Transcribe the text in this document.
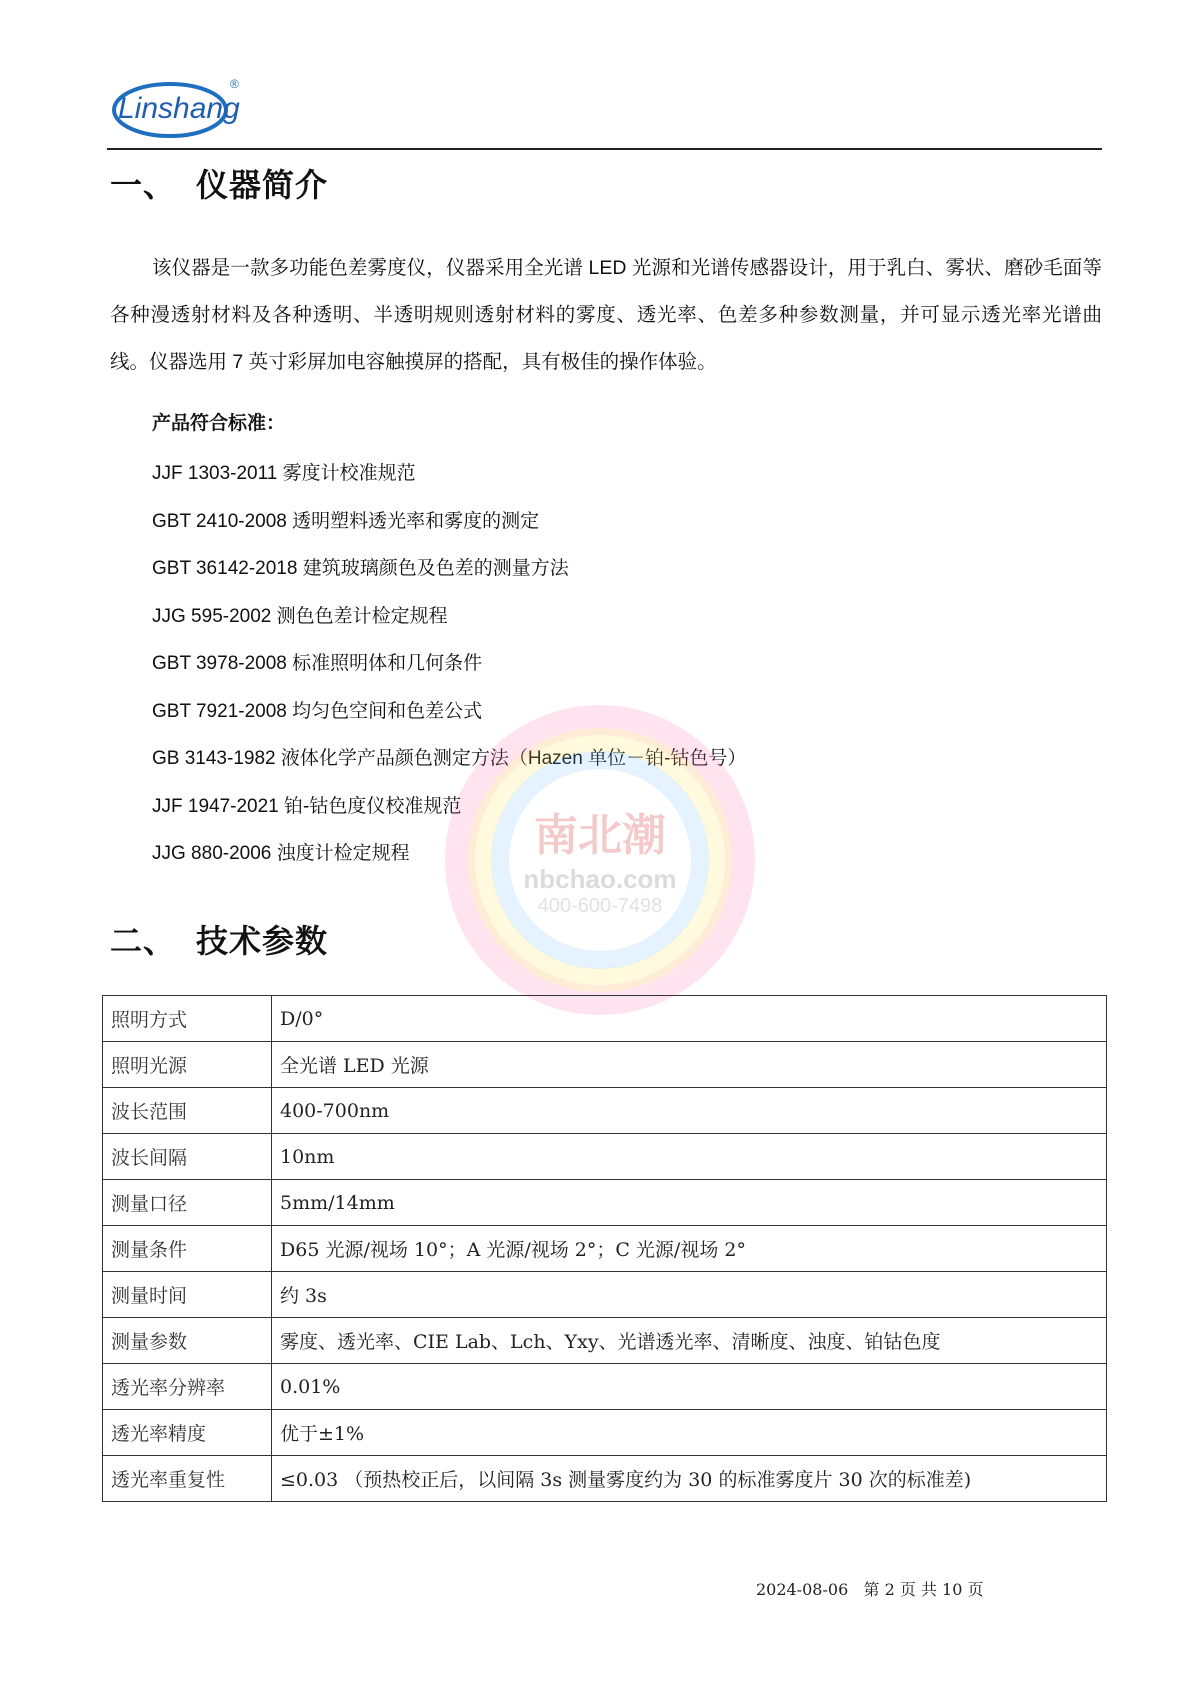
Linshang
®
一、 仪器简介
该仪器是一款多功能色差雾度仪，仪器采用全光谱 LED 光源和光谱传感器设计，用于乳白、雾状、磨砂毛面等各种漫透射材料及各种透明、半透明规则透射材料的雾度、透光率、色差多种参数测量，并可显示透光率光谱曲线。仪器选用 7 英寸彩屏加电容触摸屏的搭配，具有极佳的操作体验。
产品符合标准：
JJF 1303-2011 雾度计校准规范
GBT 2410-2008 透明塑料透光率和雾度的测定
GBT 36142-2018 建筑玻璃颜色及色差的测量方法
JJG 595-2002 测色色差计检定规程
GBT 3978-2008 标准照明体和几何条件
GBT 7921-2008 均匀色空间和色差公式
GB 3143-1982 液体化学产品颜色测定方法（Hazen 单位－铂-钴色号）
JJF 1947-2021 铂-钴色度仪校准规范
JJG 880-2006 浊度计检定规程	南北潮
nbchao.com
400-600-7498
二、 技术参数
照明方式	D/0°
照明光源	全光谱 LED 光源
波长范围	400-700nm
波长间隔	10nm
测量口径	5mm/14mm
测量条件	D65 光源/视场 10°；A 光源/视场 2°；C 光源/视场 2°
测量时间	约 3s
测量参数	雾度、透光率、CIE Lab、Lch、Yxy、光谱透光率、清晰度、浊度、铂钴色度
透光率分辨率	0.01%
透光率精度	优于±1%
透光率重复性	≤0.03 （预热校正后，以间隔 3s 测量雾度约为 30 的标准雾度片 30 次的标准差)
2024-08-06 第 2 页 共 10 页
